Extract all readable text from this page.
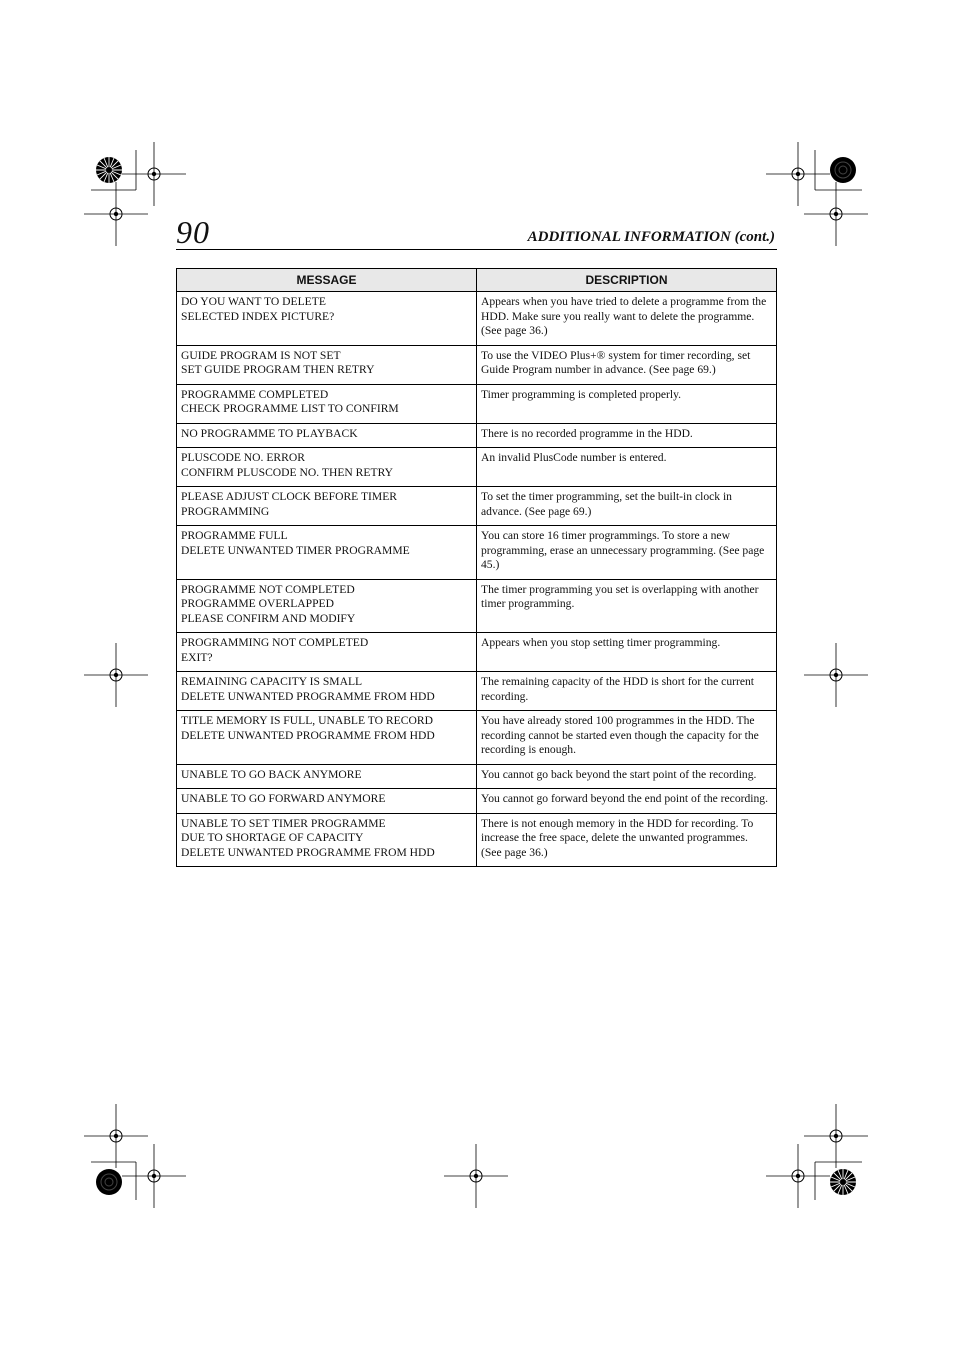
90	ADDITIONAL INFORMATION (cont.)
MESSAGE	DESCRIPTION
DO YOU WANT TO DELETE
SELECTED INDEX PICTURE?	Appears when you have tried to delete a programme from the HDD. Make sure you really want to delete the programme. (See page 36.)
GUIDE PROGRAM IS NOT SET
SET GUIDE PROGRAM THEN RETRY	To use the VIDEO Plus+® system for timer recording, set Guide Program number in advance. (See page 69.)
PROGRAMME COMPLETED
CHECK PROGRAMME LIST TO CONFIRM	Timer programming is completed properly.
NO PROGRAMME TO PLAYBACK	There is no recorded programme in the HDD.
PLUSCODE NO. ERROR
CONFIRM PLUSCODE NO. THEN RETRY	An invalid PlusCode number is entered.
PLEASE ADJUST CLOCK BEFORE TIMER
PROGRAMMING	To set the timer programming, set the built-in clock in advance. (See page 69.)
PROGRAMME FULL
DELETE UNWANTED TIMER PROGRAMME	You can store 16 timer programmings. To store a new programming, erase an unnecessary programming. (See page 45.)
PROGRAMME NOT COMPLETED
PROGRAMME OVERLAPPED
PLEASE CONFIRM AND MODIFY	The timer programming you set is overlapping with another timer programming.
PROGRAMMING NOT COMPLETED
EXIT?	Appears when you stop setting timer programming.
REMAINING CAPACITY IS SMALL
DELETE UNWANTED PROGRAMME FROM HDD	The remaining capacity of the HDD is short for the current recording.
TITLE MEMORY IS FULL, UNABLE TO RECORD
DELETE UNWANTED PROGRAMME FROM HDD	You have already stored 100 programmes in the HDD. The recording cannot be started even though the capacity for the recording is enough.
UNABLE TO GO BACK ANYMORE	You cannot go back beyond the start point of the recording.
UNABLE TO GO FORWARD ANYMORE	You cannot go forward beyond the end point of the recording.
UNABLE TO SET TIMER PROGRAMME
DUE TO SHORTAGE OF CAPACITY
DELETE UNWANTED PROGRAMME FROM HDD	There is not enough memory in the HDD for recording. To increase the free space, delete the unwanted programmes. (See page 36.)
